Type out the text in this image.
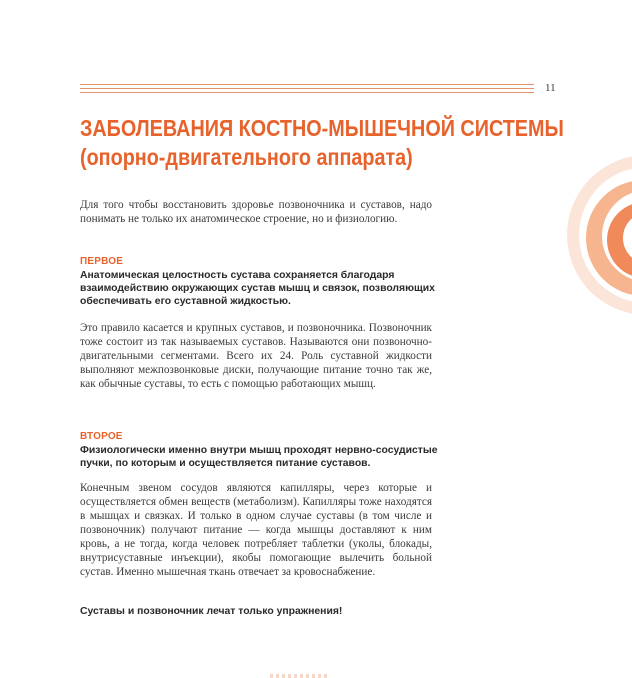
11
ЗАБОЛЕВАНИЯ КОСТНО-МЫШЕЧНОЙ СИСТЕМЫ
(опорно-двигательного аппарата)
Для того чтобы восстановить здоровье позвоночника и суставов, надо понимать не только их анатомическое строение, но и физиологию.
ПЕРВОЕ
Анатомическая целостность сустава сохраняется благодаря взаимодействию окружающих сустав мышц и связок, позволяющих обеспечивать его суставной жидкостью.
Это правило касается и крупных суставов, и позвоночника. Позвоночник тоже состоит из так называемых суставов. Называются они позвоночно-двигательными сегментами. Всего их 24. Роль суставной жидкости выполняют межпозвонковые диски, получающие питание точно так же, как обычные суставы, то есть с помощью работающих мышц.
ВТОРОЕ
Физиологически именно внутри мышц проходят нервно-сосудистые пучки, по которым и осуществляется питание суставов.
Конечным звеном сосудов являются капилляры, через которые и осуществляется обмен веществ (метаболизм). Капилляры тоже находятся в мышцах и связках. И только в одном случае суставы (в том числе и позвоночник) получают питание — когда мышцы доставляют к ним кровь, а не тогда, когда человек потребляет таблетки (уколы, блокады, внутрисуставные инъекции), якобы помогающие вылечить больной сустав. Именно мышечная ткань отвечает за кровоснабжение.
Суставы и позвоночник лечат только упражнения!
